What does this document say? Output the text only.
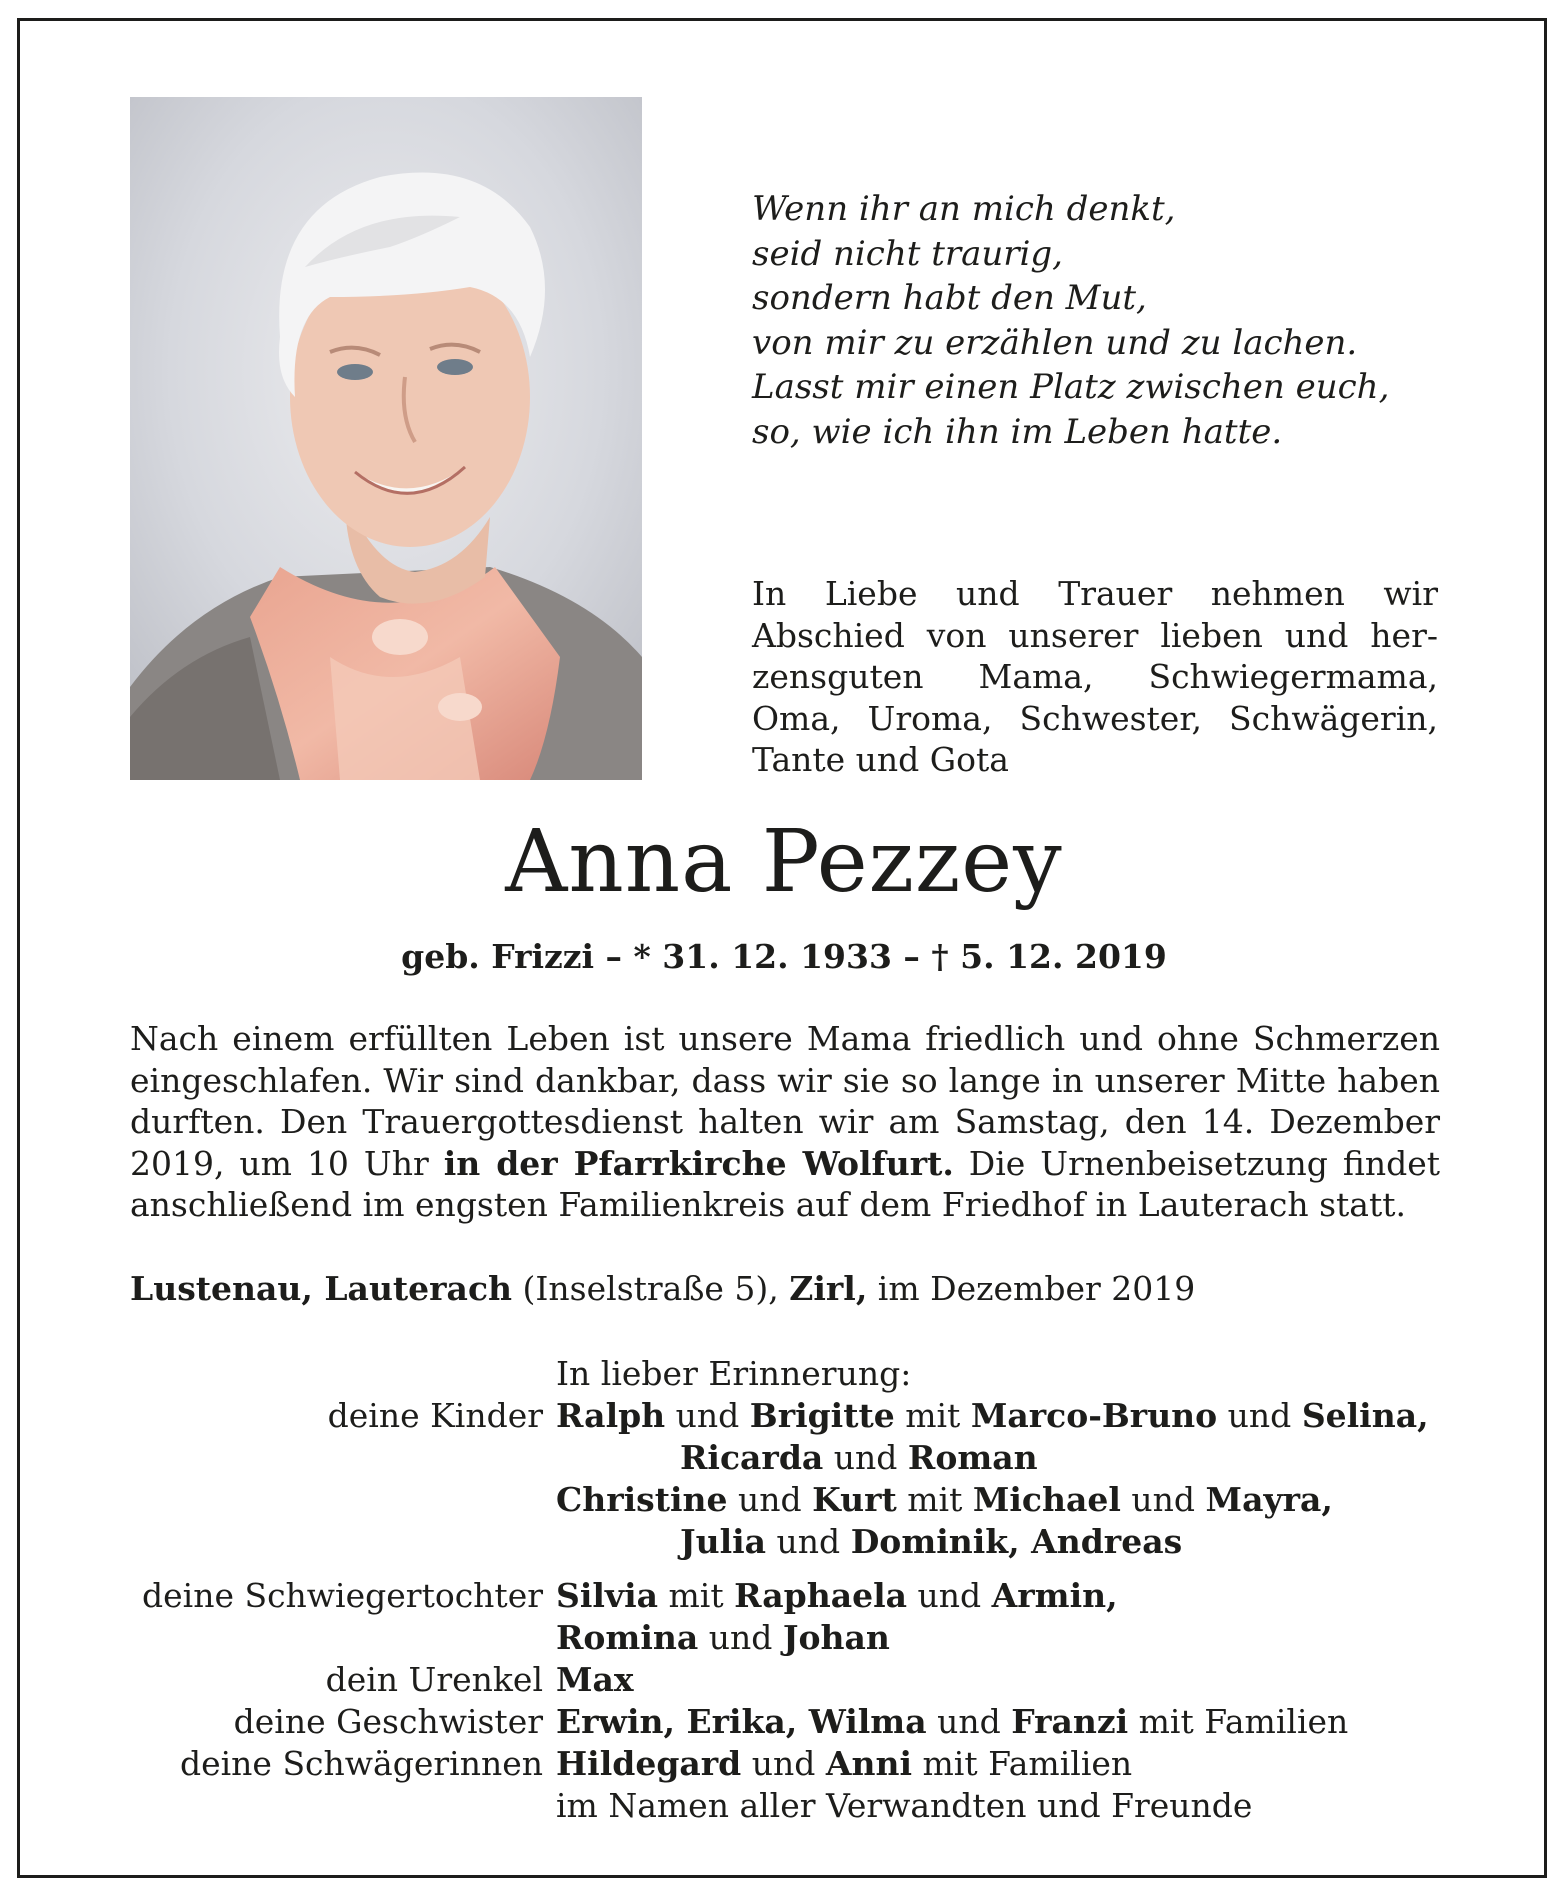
Wenn ihr an mich denkt,
seid nicht traurig,
sondern habt den Mut,
von mir zu erzählen und zu lachen.
Lasst mir einen Platz zwischen euch,
so, wie ich ihn im Leben hatte.
In Liebe und Trauer nehmen wir
Abschied von unserer lieben und her-
zensguten Mama, Schwiegermama,
Oma, Uroma, Schwester, Schwägerin,
Tante und Gota
Anna Pezzey
geb. Frizzi – * 31. 12. 1933 – † 5. 12. 2019
Nach einem erfüllten Leben ist unsere Mama friedlich und ohne Schmerzen
eingeschlafen. Wir sind dankbar, dass wir sie so lange in unserer Mitte haben
durften. Den Trauergottesdienst halten wir am Samstag, den 14. Dezember
2019, um 10 Uhr in der Pfarrkirche Wolfurt. Die Urnenbeisetzung findet
anschließend im engsten Familienkreis auf dem Friedhof in Lauterach statt.
Lustenau, Lauterach (Inselstraße 5), Zirl, im Dezember 2019
In lieber Erinnerung:
deine Kinder Ralph und Brigitte mit Marco-Bruno und Selina,
Ricarda und Roman
Christine und Kurt mit Michael und Mayra,
Julia und Dominik, Andreas
deine Schwiegertochter Silvia mit Raphaela und Armin,
Romina und Johan
dein Urenkel Max
deine Geschwister Erwin, Erika, Wilma und Franzi mit Familien
deine Schwägerinnen Hildegard und Anni mit Familien
im Namen aller Verwandten und Freunde
